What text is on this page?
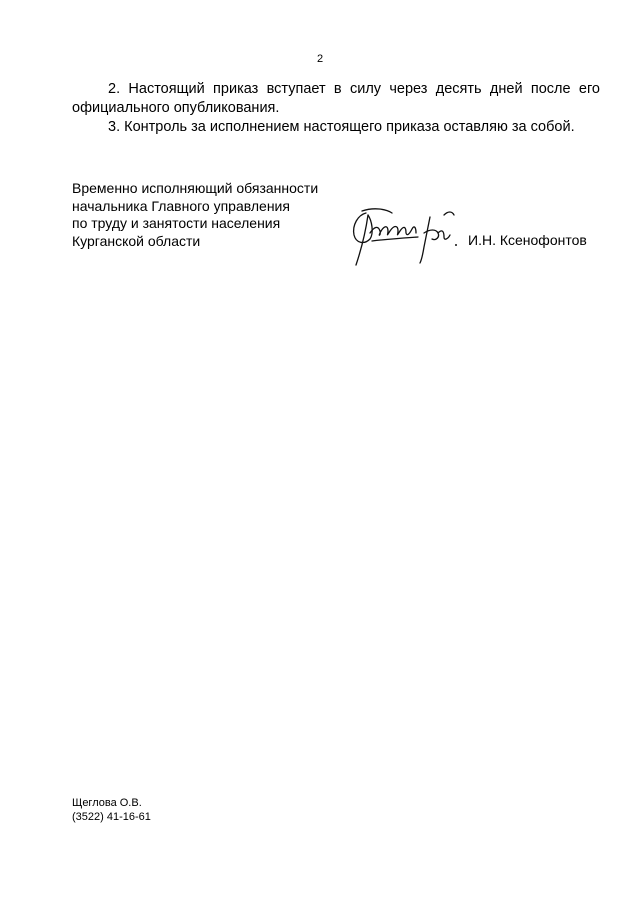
2

2. Настоящий приказ вступает в силу через десять дней после его

официального опубликования.

3. Контроль за исполнением настоящего приказа оставляю за собой.

Временно исполняющий обязанности
начальника Главного управления
по труду и занятости населения
Курганской области	И.Н. Ксенофонтов
Щеглова О.В.
(3522) 41-16-61
